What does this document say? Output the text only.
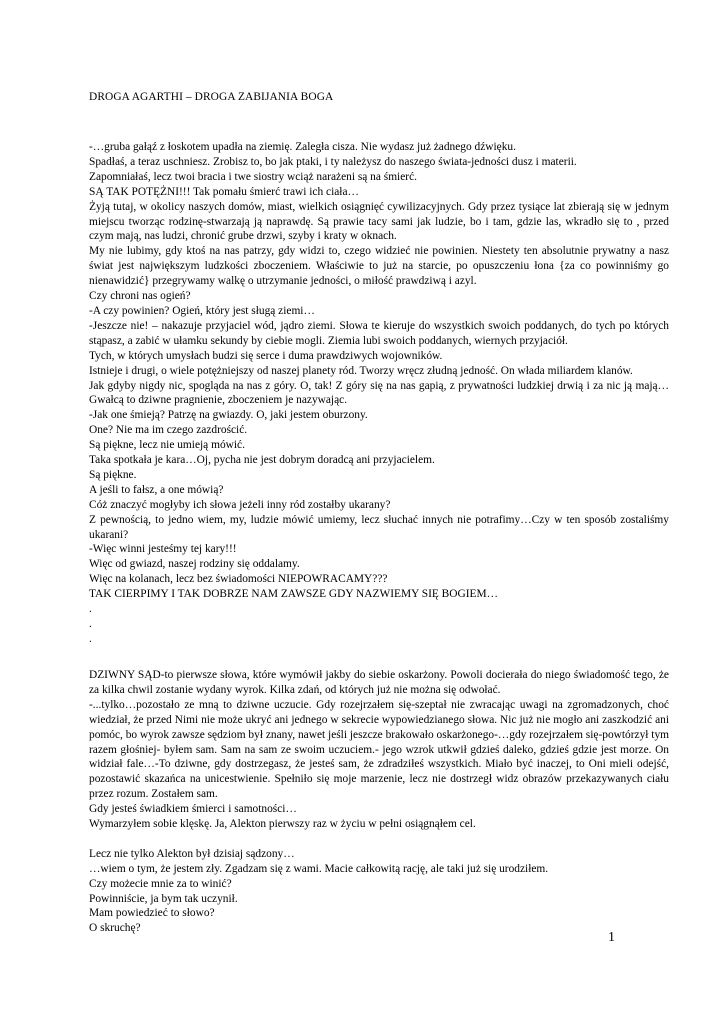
DROGA AGARTHI – DROGA ZABIJANIA BOGA

-…gruba gałąź z łoskotem upadła na ziemię. Zaległa cisza. Nie wydasz już żadnego dźwięku.

Spadłaś, a teraz uschniesz. Zrobisz to, bo jak ptaki, i ty należysz do naszego świata-jedności dusz i materii.

Zapomniałaś, lecz twoi bracia i twe siostry wciąż narażeni są na śmierć.

SĄ TAK POTĘŻNI!!! Tak pomału śmierć trawi ich ciała…

Żyją tutaj, w okolicy naszych domów, miast, wielkich osiągnięć cywilizacyjnych. Gdy przez tysiące lat zbierają się w jednym miejscu tworząc rodzinę-stwarzają ją naprawdę. Są prawie tacy sami jak ludzie, bo i tam, gdzie las, wkradło się to , przed czym mają, nas ludzi, chronić grube drzwi, szyby i kraty w oknach.

My nie lubimy, gdy ktoś na nas patrzy, gdy widzi to, czego widzieć nie powinien. Niestety ten absolutnie prywatny a nasz świat jest największym ludzkości zboczeniem. Właściwie to już na starcie, po opuszczeniu łona {za co powinniśmy go nienawidzić} przegrywamy walkę o utrzymanie jedności, o miłość prawdziwą i azyl.

Czy chroni nas ogień?

-A czy powinien? Ogień, który jest sługą ziemi…

-Jeszcze nie! – nakazuje przyjaciel wód, jądro ziemi. Słowa te kieruje do wszystkich swoich poddanych, do tych po których stąpasz, a zabić w ułamku sekundy by ciebie mogli. Ziemia lubi swoich poddanych, wiernych przyjaciół.

Tych, w których umysłach budzi się serce i duma prawdziwych wojowników.

Istnieje i drugi, o wiele potężniejszy od naszej planety ród. Tworzy wręcz złudną jedność. On włada miliardem klanów.

Jak gdyby nigdy nic, spogląda na nas z góry. O, tak! Z góry się na nas gapią, z prywatności ludzkiej drwią i za nic ją mają…Gwałcą to dziwne pragnienie, zboczeniem je nazywając.

-Jak one śmieją? Patrzę na gwiazdy. O, jaki jestem oburzony.

One? Nie ma im czego zazdrościć.

Są piękne, lecz nie umieją mówić.

Taka spotkała je kara…Oj, pycha nie jest dobrym doradcą ani przyjacielem.

Są piękne.

A jeśli to fałsz, a one mówią?

Cóż znaczyć mogłyby ich słowa jeżeli inny ród zostałby ukarany?

Z pewnością, to jedno wiem, my, ludzie mówić umiemy, lecz słuchać innych nie potrafimy…Czy w ten sposób zostaliśmy ukarani?

-Więc winni jesteśmy tej kary!!!

Więc od gwiazd, naszej rodziny się oddalamy.

Więc na kolanach, lecz bez świadomości NIEPOWRACAMY???

TAK CIERPIMY I TAK DOBRZE NAM ZAWSZE GDY NAZWIEMY SIĘ BOGIEM…

.

.

.

DZIWNY SĄD-to pierwsze słowa, które wymówił jakby do siebie oskarżony. Powoli docierała do niego świadomość tego, że za kilka chwil zostanie wydany wyrok. Kilka zdań, od których już nie można się odwołać.

-...tylko…pozostało ze mną to dziwne uczucie. Gdy rozejrzałem się-szeptał nie zwracając uwagi na zgromadzonych, choć wiedział, że przed Nimi nie może ukryć ani jednego w sekrecie wypowiedzianego słowa. Nic już nie mogło ani zaszkodzić ani pomóc, bo wyrok zawsze sędziom był znany, nawet jeśli jeszcze brakowało oskarżonego-…gdy rozejrzałem się-powtórzył tym razem głośniej- byłem sam. Sam na sam ze swoim uczuciem.- jego wzrok utkwił gdzieś daleko, gdzieś gdzie jest morze. On widział fale…-To dziwne, gdy dostrzegasz, że jesteś sam, że zdradziłeś wszystkich. Miało być inaczej, to Oni mieli odejść, pozostawić skazańca na unicestwienie. Spełniło się moje marzenie, lecz nie dostrzegł widz obrazów przekazywanych ciału przez rozum. Zostałem sam.

Gdy jesteś świadkiem śmierci i samotności…

Wymarzyłem sobie klęskę. Ja, Alekton pierwszy raz w życiu w pełni osiągnąłem cel.

Lecz nie tylko Alekton był dzisiaj sądzony…

…wiem o tym, że jestem zły. Zgadzam się z wami. Macie całkowitą rację, ale taki już się urodziłem.

Czy możecie mnie za to winić?

Powinniście, ja bym tak uczynił.

Mam powiedzieć to słowo?

O skruchę?

1
